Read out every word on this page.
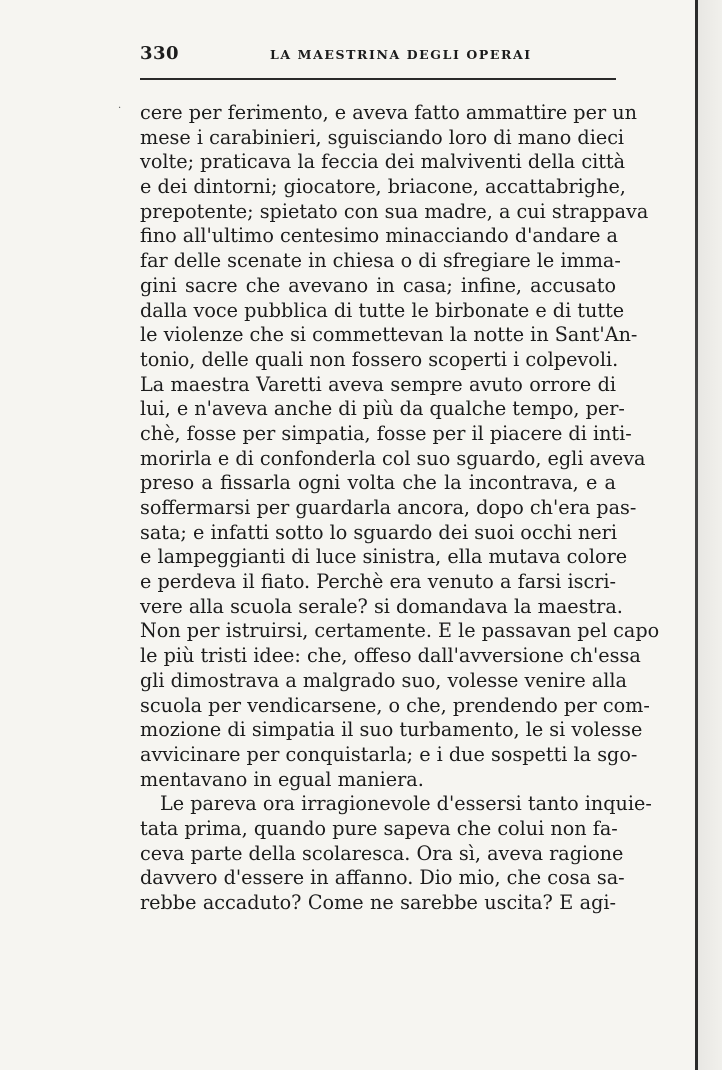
.
330	LA MAESTRINA DEGLI OPERAI
cere per ferimento, e aveva fatto ammattire per un
mese i carabinieri, sguisciando loro di mano dieci
volte; praticava la feccia dei malviventi della città
e dei dintorni; giocatore, briacone, accattabrighe,
prepotente; spietato con sua madre, a cui strappava
fino all'ultimo centesimo minacciando d'andare a
far delle scenate in chiesa o di sfregiare le imma-
gini sacre che avevano in casa; infine, accusato
dalla voce pubblica di tutte le birbonate e di tutte
le violenze che si commettevan la notte in Sant'An-
tonio, delle quali non fossero scoperti i colpevoli.
La maestra Varetti aveva sempre avuto orrore di
lui, e n'aveva anche di più da qualche tempo, per-
chè, fosse per simpatia, fosse per il piacere di inti-
morirla e di confonderla col suo sguardo, egli aveva
preso a fissarla ogni volta che la incontrava, e a
soffermarsi per guardarla ancora, dopo ch'era pas-
sata; e infatti sotto lo sguardo dei suoi occhi neri
e lampeggianti di luce sinistra, ella mutava colore
e perdeva il fiato. Perchè era venuto a farsi iscri-
vere alla scuola serale? si domandava la maestra.
Non per istruirsi, certamente. E le passavan pel capo
le più tristi idee: che, offeso dall'avversione ch'essa
gli dimostrava a malgrado suo, volesse venire alla
scuola per vendicarsene, o che, prendendo per com-
mozione di simpatia il suo turbamento, le si volesse
avvicinare per conquistarla; e i due sospetti la sgo-
mentavano in egual maniera.
Le pareva ora irragionevole d'essersi tanto inquie-
tata prima, quando pure sapeva che colui non fa-
ceva parte della scolaresca. Ora sì, aveva ragione
davvero d'essere in affanno. Dio mio, che cosa sa-
rebbe accaduto? Come ne sarebbe uscita? E agi-
